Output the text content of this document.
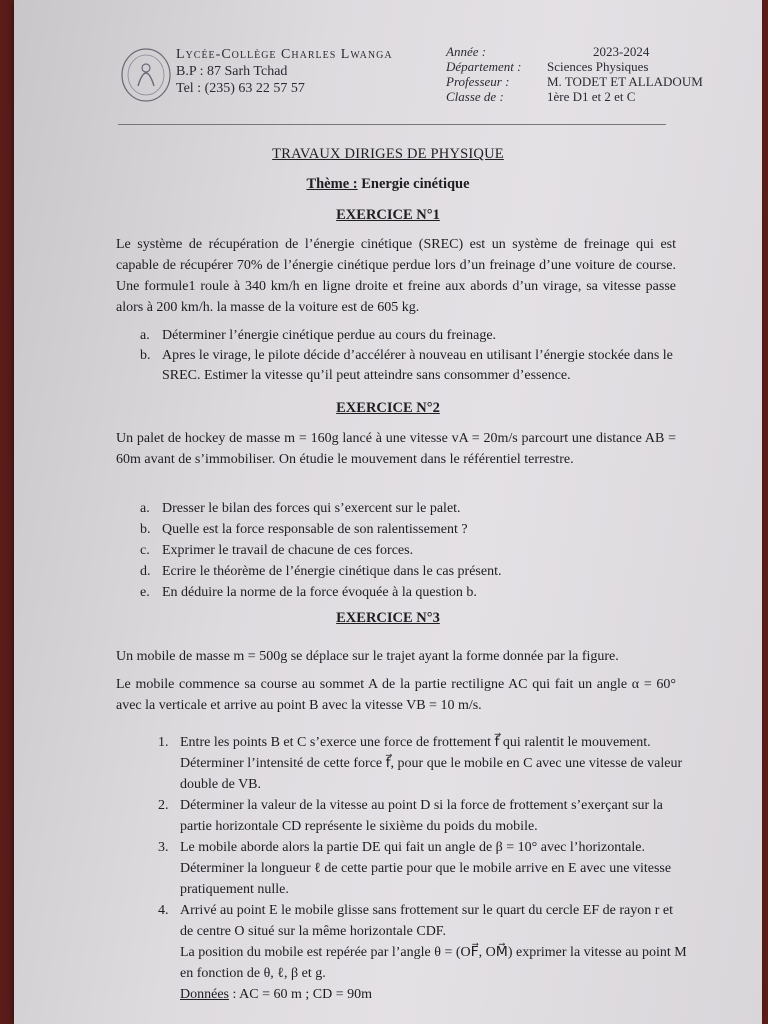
Lycée-Collège Charles Lwanga
B.P : 87 Sarh Tchad
Tel : (235) 63 22 57 57
Année :	2023-2024
Département :	Sciences Physiques
Professeur :	M. TODET ET ALLADOUM
Classe de :	1ère D1 et 2 et C
TRAVAUX DIRIGES DE PHYSIQUE
Thème : Energie cinétique
EXERCICE N°1
Le système de récupération de l’énergie cinétique (SREC) est un système de freinage qui est capable de récupérer 70% de l’énergie cinétique perdue lors d’un freinage d’une voiture de course. Une formule1 roule à 340 km/h en ligne droite et freine aux abords d’un virage, sa vitesse passe alors à 200 km/h. la masse de la voiture est de 605 kg.
a. Déterminer l’énergie cinétique perdue au cours du freinage.
b. Apres le virage, le pilote décide d’accélérer à nouveau en utilisant l’énergie stockée dans le SREC. Estimer la vitesse qu’il peut atteindre sans consommer d’essence.
EXERCICE N°2
Un palet de hockey de masse m = 160g lancé à une vitesse vA = 20m/s parcourt une distance AB = 60m avant de s’immobiliser. On étudie le mouvement dans le référentiel terrestre.
a. Dresser le bilan des forces qui s’exercent sur le palet.
b. Quelle est la force responsable de son ralentissement ?
c. Exprimer le travail de chacune de ces forces.
d. Ecrire le théorème de l’énergie cinétique dans le cas présent.
e. En déduire la norme de la force évoquée à la question b.
EXERCICE N°3
Un mobile de masse m = 500g se déplace sur le trajet ayant la forme donnée par la figure.
Le mobile commence sa course au sommet A de la partie rectiligne AC qui fait un angle α = 60° avec la verticale et arrive au point B avec la vitesse VB = 10 m/s.
1. Entre les points B et C s’exerce une force de frottement f⃗ qui ralentit le mouvement. Déterminer l’intensité de cette force f⃗, pour que le mobile en C avec une vitesse de valeur double de VB.
2. Déterminer la valeur de la vitesse au point D si la force de frottement s’exerçant sur la partie horizontale CD représente le sixième du poids du mobile.
3. Le mobile aborde alors la partie DE qui fait un angle de β = 10° avec l’horizontale. Déterminer la longueur ℓ de cette partie pour que le mobile arrive en E avec une vitesse pratiquement nulle.
4. Arrivé au point E le mobile glisse sans frottement sur le quart du cercle EF de rayon r et de centre O situé sur la même horizontale CDF.
La position du mobile est repérée par l’angle θ = (OF⃗, OM⃗) exprimer la vitesse au point M en fonction de θ, ℓ, β et g.
Données : AC = 60 m ; CD = 90m
